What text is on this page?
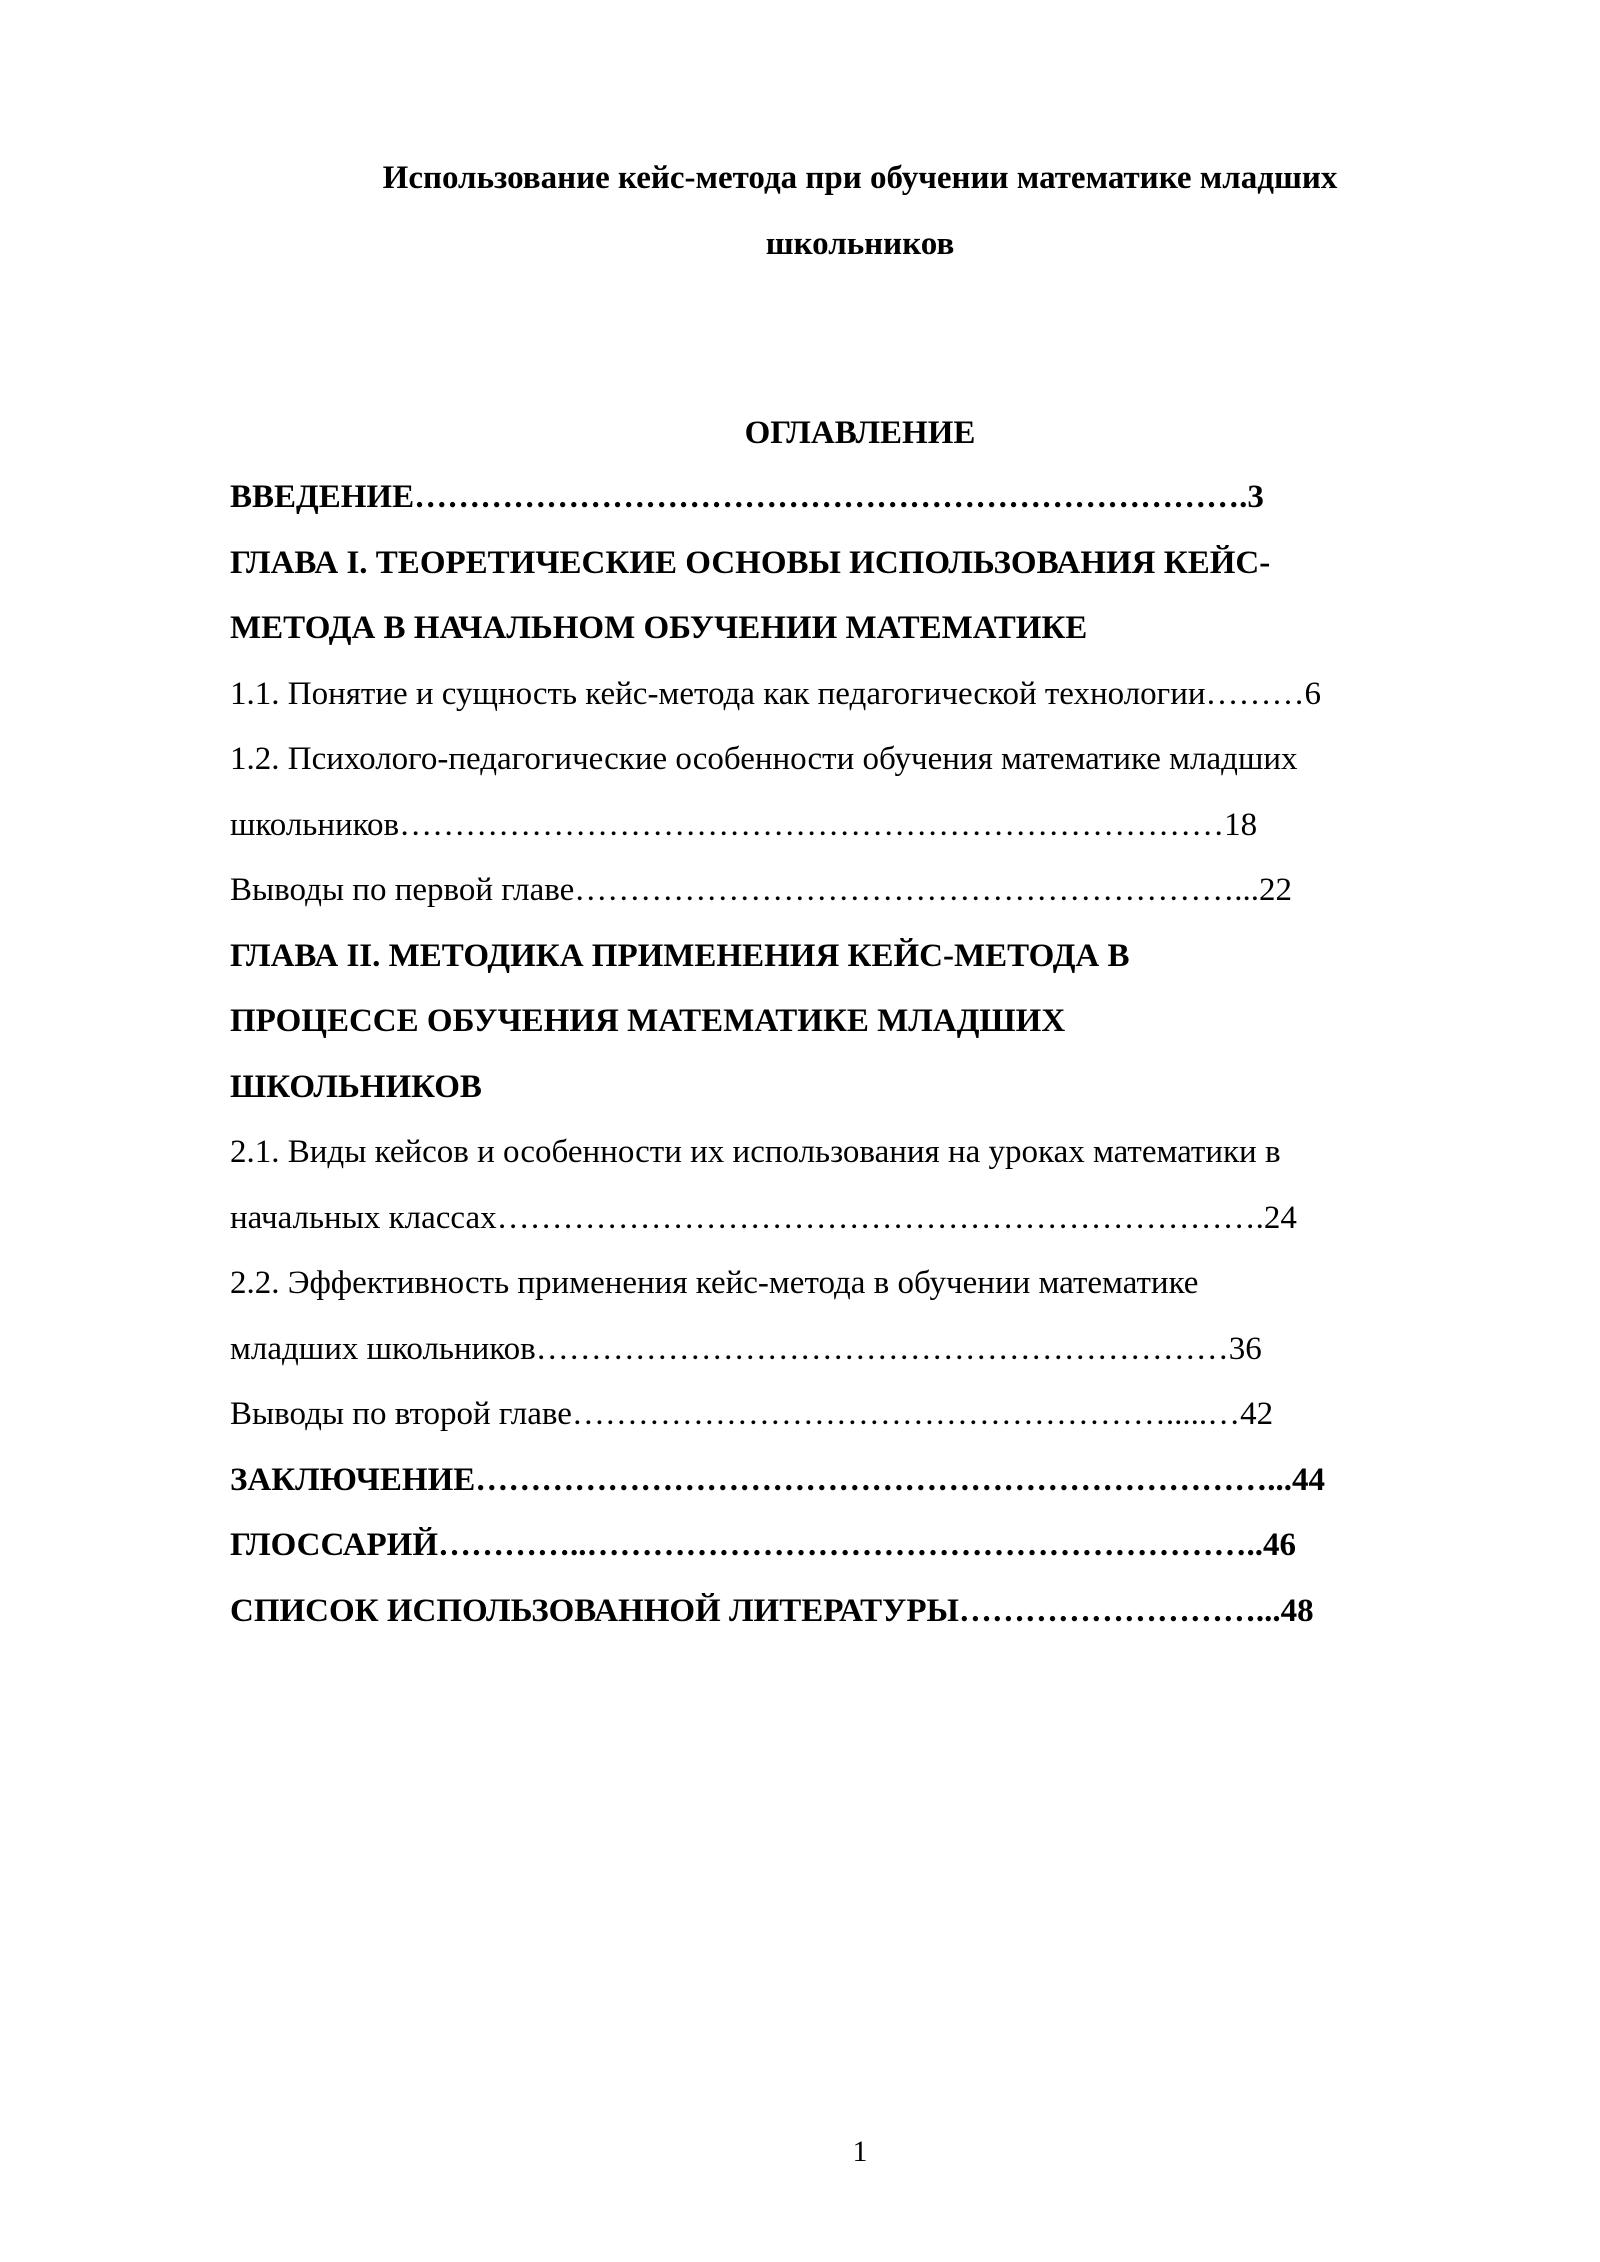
Использование кейс-метода при обучении математике младших
школьников
ОГЛАВЛЕНИЕ
ВВЕДЕНИЕ………………………………………………………………….3
ГЛАВА I. ТЕОРЕТИЧЕСКИЕ ОСНОВЫ ИСПОЛЬЗОВАНИЯ КЕЙС-
МЕТОДА В НАЧАЛЬНОМ ОБУЧЕНИИ МАТЕМАТИКЕ
1.1. Понятие и сущность кейс-метода как педагогической технологии………6
1.2. Психолого-педагогические особенности обучения математике младших
школьников…………………………………………………………………18
Выводы по первой главе……………………………………………………...22
ГЛАВА II. МЕТОДИКА ПРИМЕНЕНИЯ КЕЙС-МЕТОДА В
ПРОЦЕССЕ ОБУЧЕНИЯ МАТЕМАТИКЕ МЛАДШИХ
ШКОЛЬНИКОВ
2.1. Виды кейсов и особенности их использования на уроках математики в
начальных классах…………………………………………………………….24
2.2. Эффективность применения кейс-метода в обучении математике
младших школьников………………………………………………………36
Выводы по второй главе……………………………………………….....…42
ЗАКЛЮЧЕНИЕ………………………………………………………………...44
ГЛОССАРИЙ…………..……………………………………………………..46
СПИСОК ИСПОЛЬЗОВАННОЙ ЛИТЕРАТУРЫ………………………...48
1
